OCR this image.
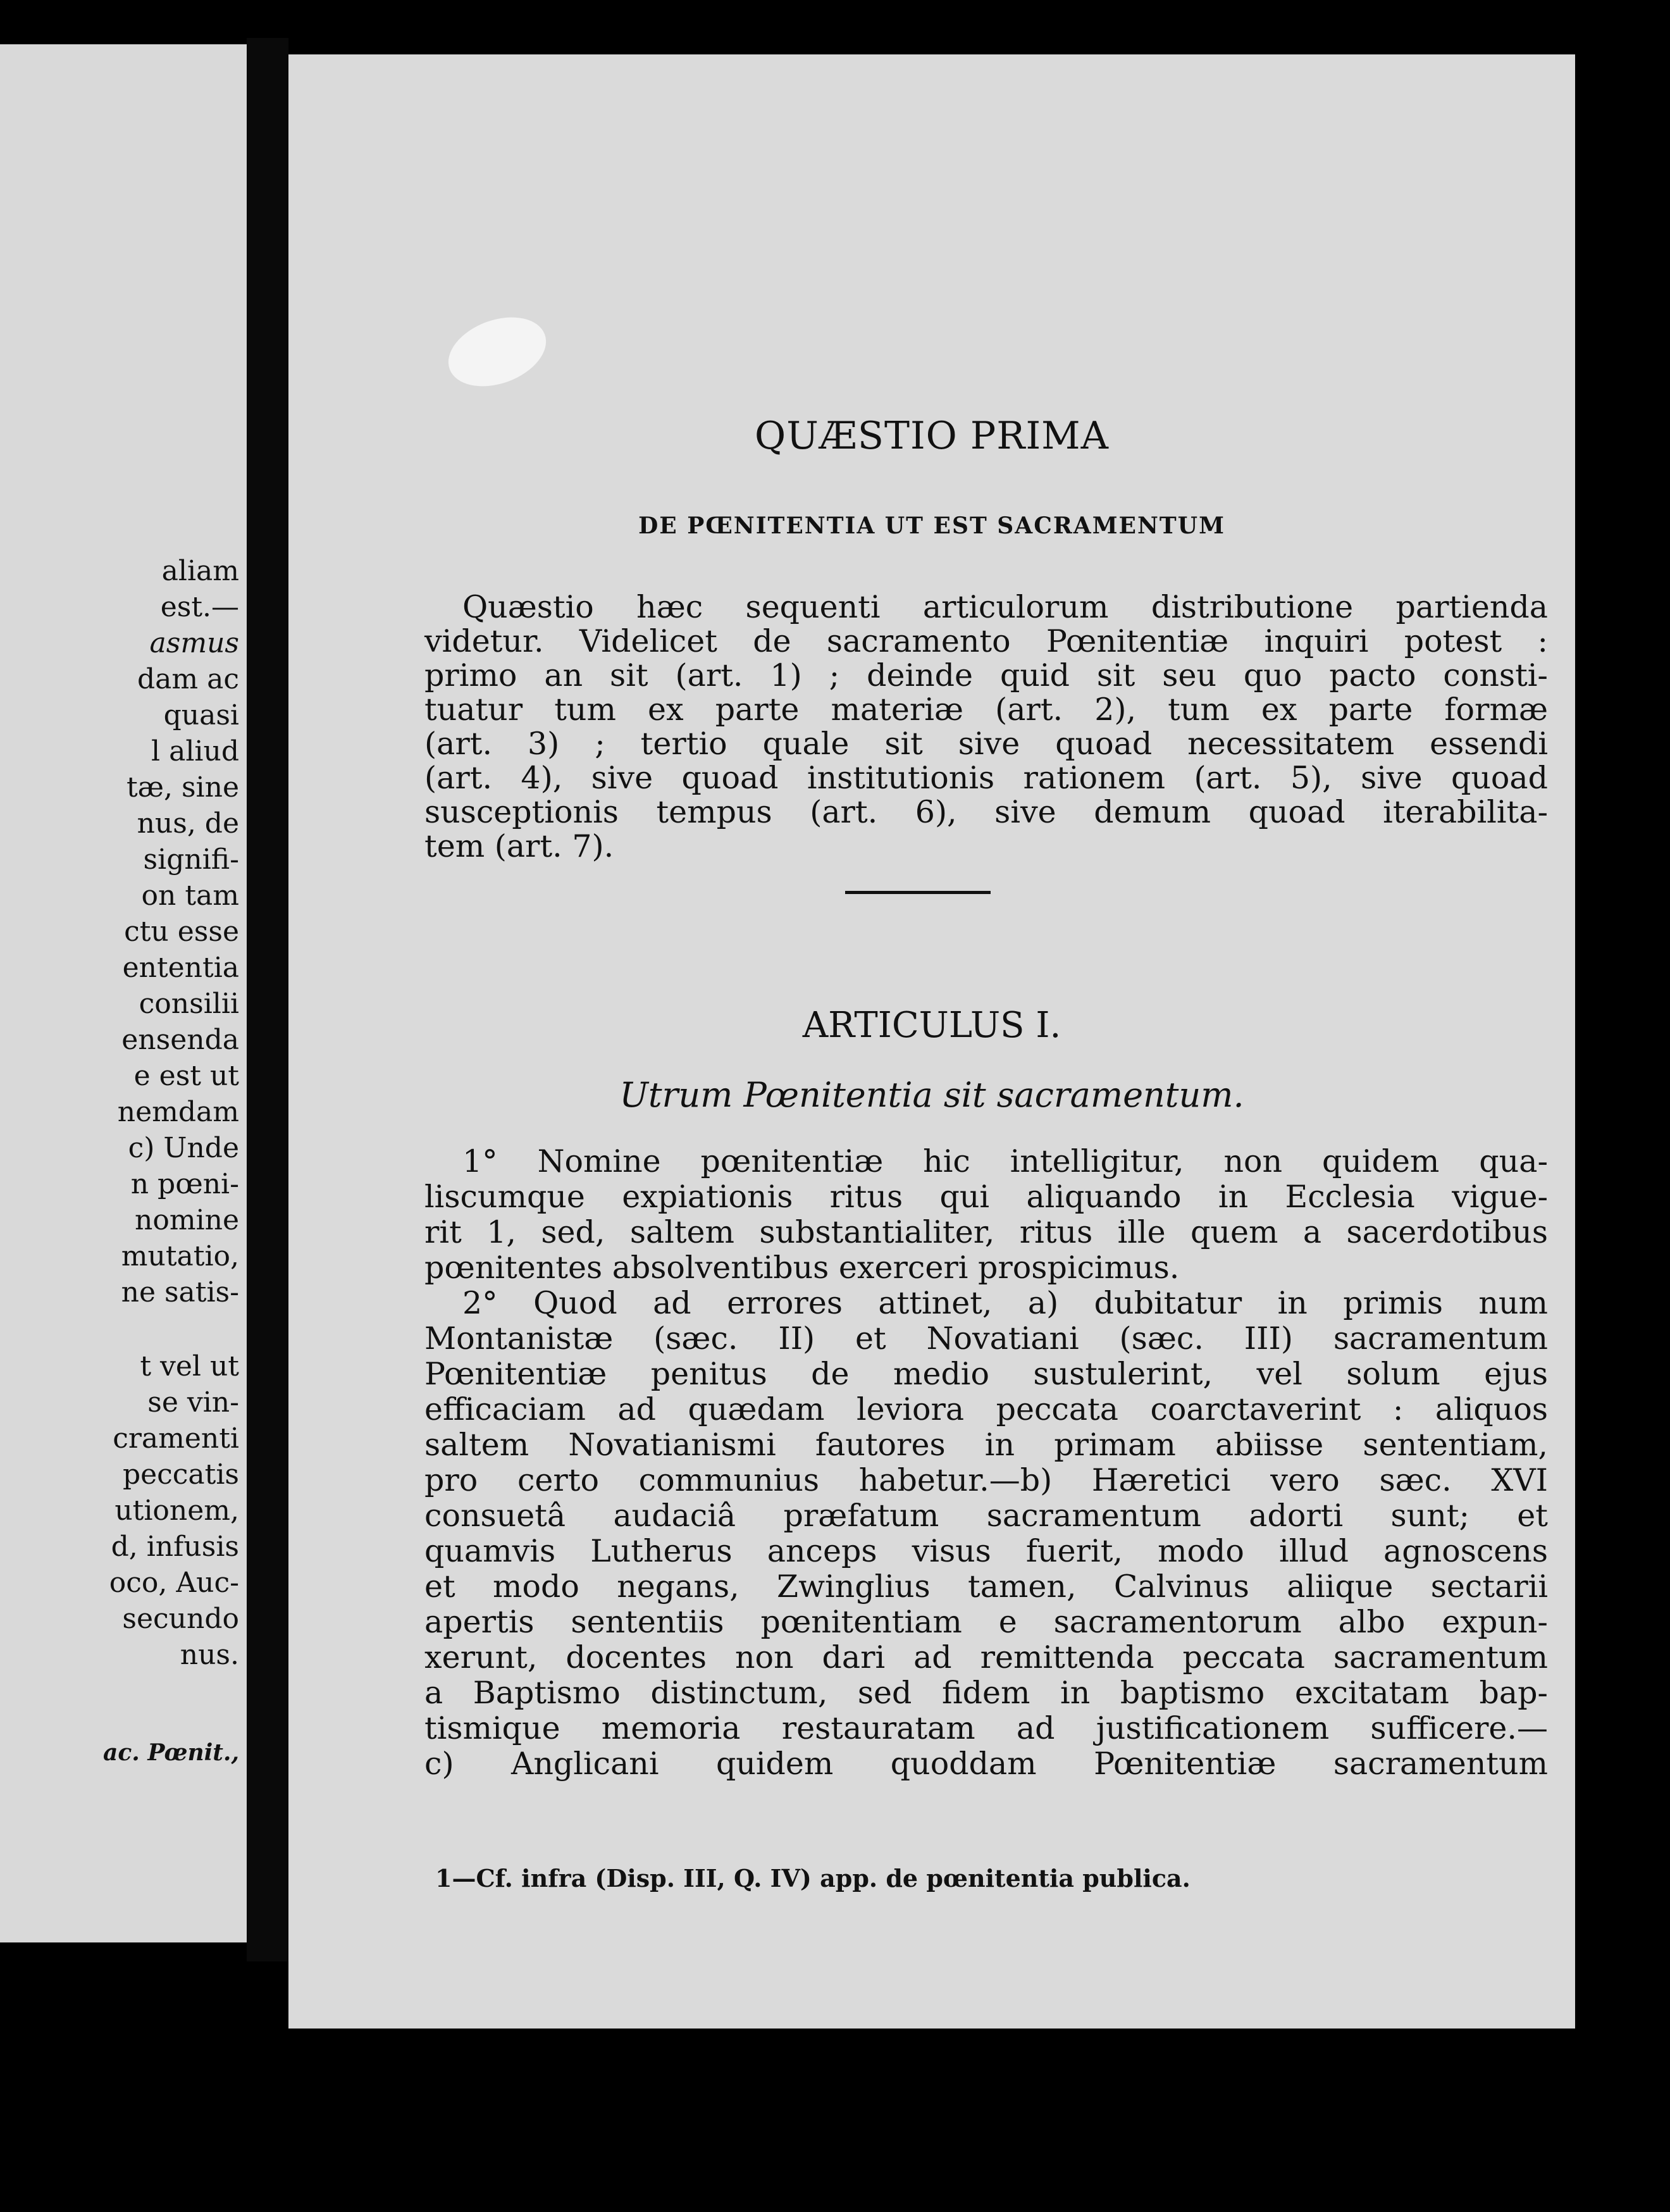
aliam
est.—
asmus
dam ac
quasi
l aliud
tæ, sine
nus, de
signifi-
on tam
ctu esse
ententia
consilii
ensenda
e est ut
nemdam
c) Unde
n pœni-
nomine
mutatio,
ne satis-
t vel ut
se vin-
cramenti
peccatis
utionem,
d, infusis
oco, Auc-
secundo
nus.
ac. Pœnit.,
QUÆSTIO PRIMA
DE PŒNITENTIA UT EST SACRAMENTUM
Quæstio hæc sequenti articulorum distributione partienda
videtur. Videlicet de sacramento Pœnitentiæ inquiri potest :
primo an sit (art. 1) ; deinde quid sit seu quo pacto consti-
tuatur tum ex parte materiæ (art. 2), tum ex parte formæ
(art. 3) ; tertio quale sit sive quoad necessitatem essendi
(art. 4), sive quoad institutionis rationem (art. 5), sive quoad
susceptionis tempus (art. 6), sive demum quoad iterabilita-
tem (art. 7).
ARTICULUS I.
Utrum Pœnitentia sit sacramentum.
1° Nomine pœnitentiæ hic intelligitur, non quidem qua-
liscumque expiationis ritus qui aliquando in Ecclesia vigue-
rit 1, sed, saltem substantialiter, ritus ille quem a sacerdotibus
pœnitentes absolventibus exerceri prospicimus.
2° Quod ad errores attinet, a) dubitatur in primis num
Montanistæ (sæc. II) et Novatiani (sæc. III) sacramentum
Pœnitentiæ penitus de medio sustulerint, vel solum ejus
efficaciam ad quædam leviora peccata coarctaverint : aliquos
saltem Novatianismi fautores in primam abiisse sententiam,
pro certo communius habetur.—b) Hæretici vero sæc. XVI
consuetâ audaciâ præfatum sacramentum adorti sunt; et
quamvis Lutherus anceps visus fuerit, modo illud agnoscens
et modo negans, Zwinglius tamen, Calvinus aliique sectarii
apertis sententiis pœnitentiam e sacramentorum albo expun-
xerunt, docentes non dari ad remittenda peccata sacramentum
a Baptismo distinctum, sed fidem in baptismo excitatam bap-
tismique memoria restauratam ad justificationem sufficere.—
c) Anglicani quidem quoddam Pœnitentiæ sacramentum
1—Cf. infra (Disp. III, Q. IV) app. de pœnitentia publica.
